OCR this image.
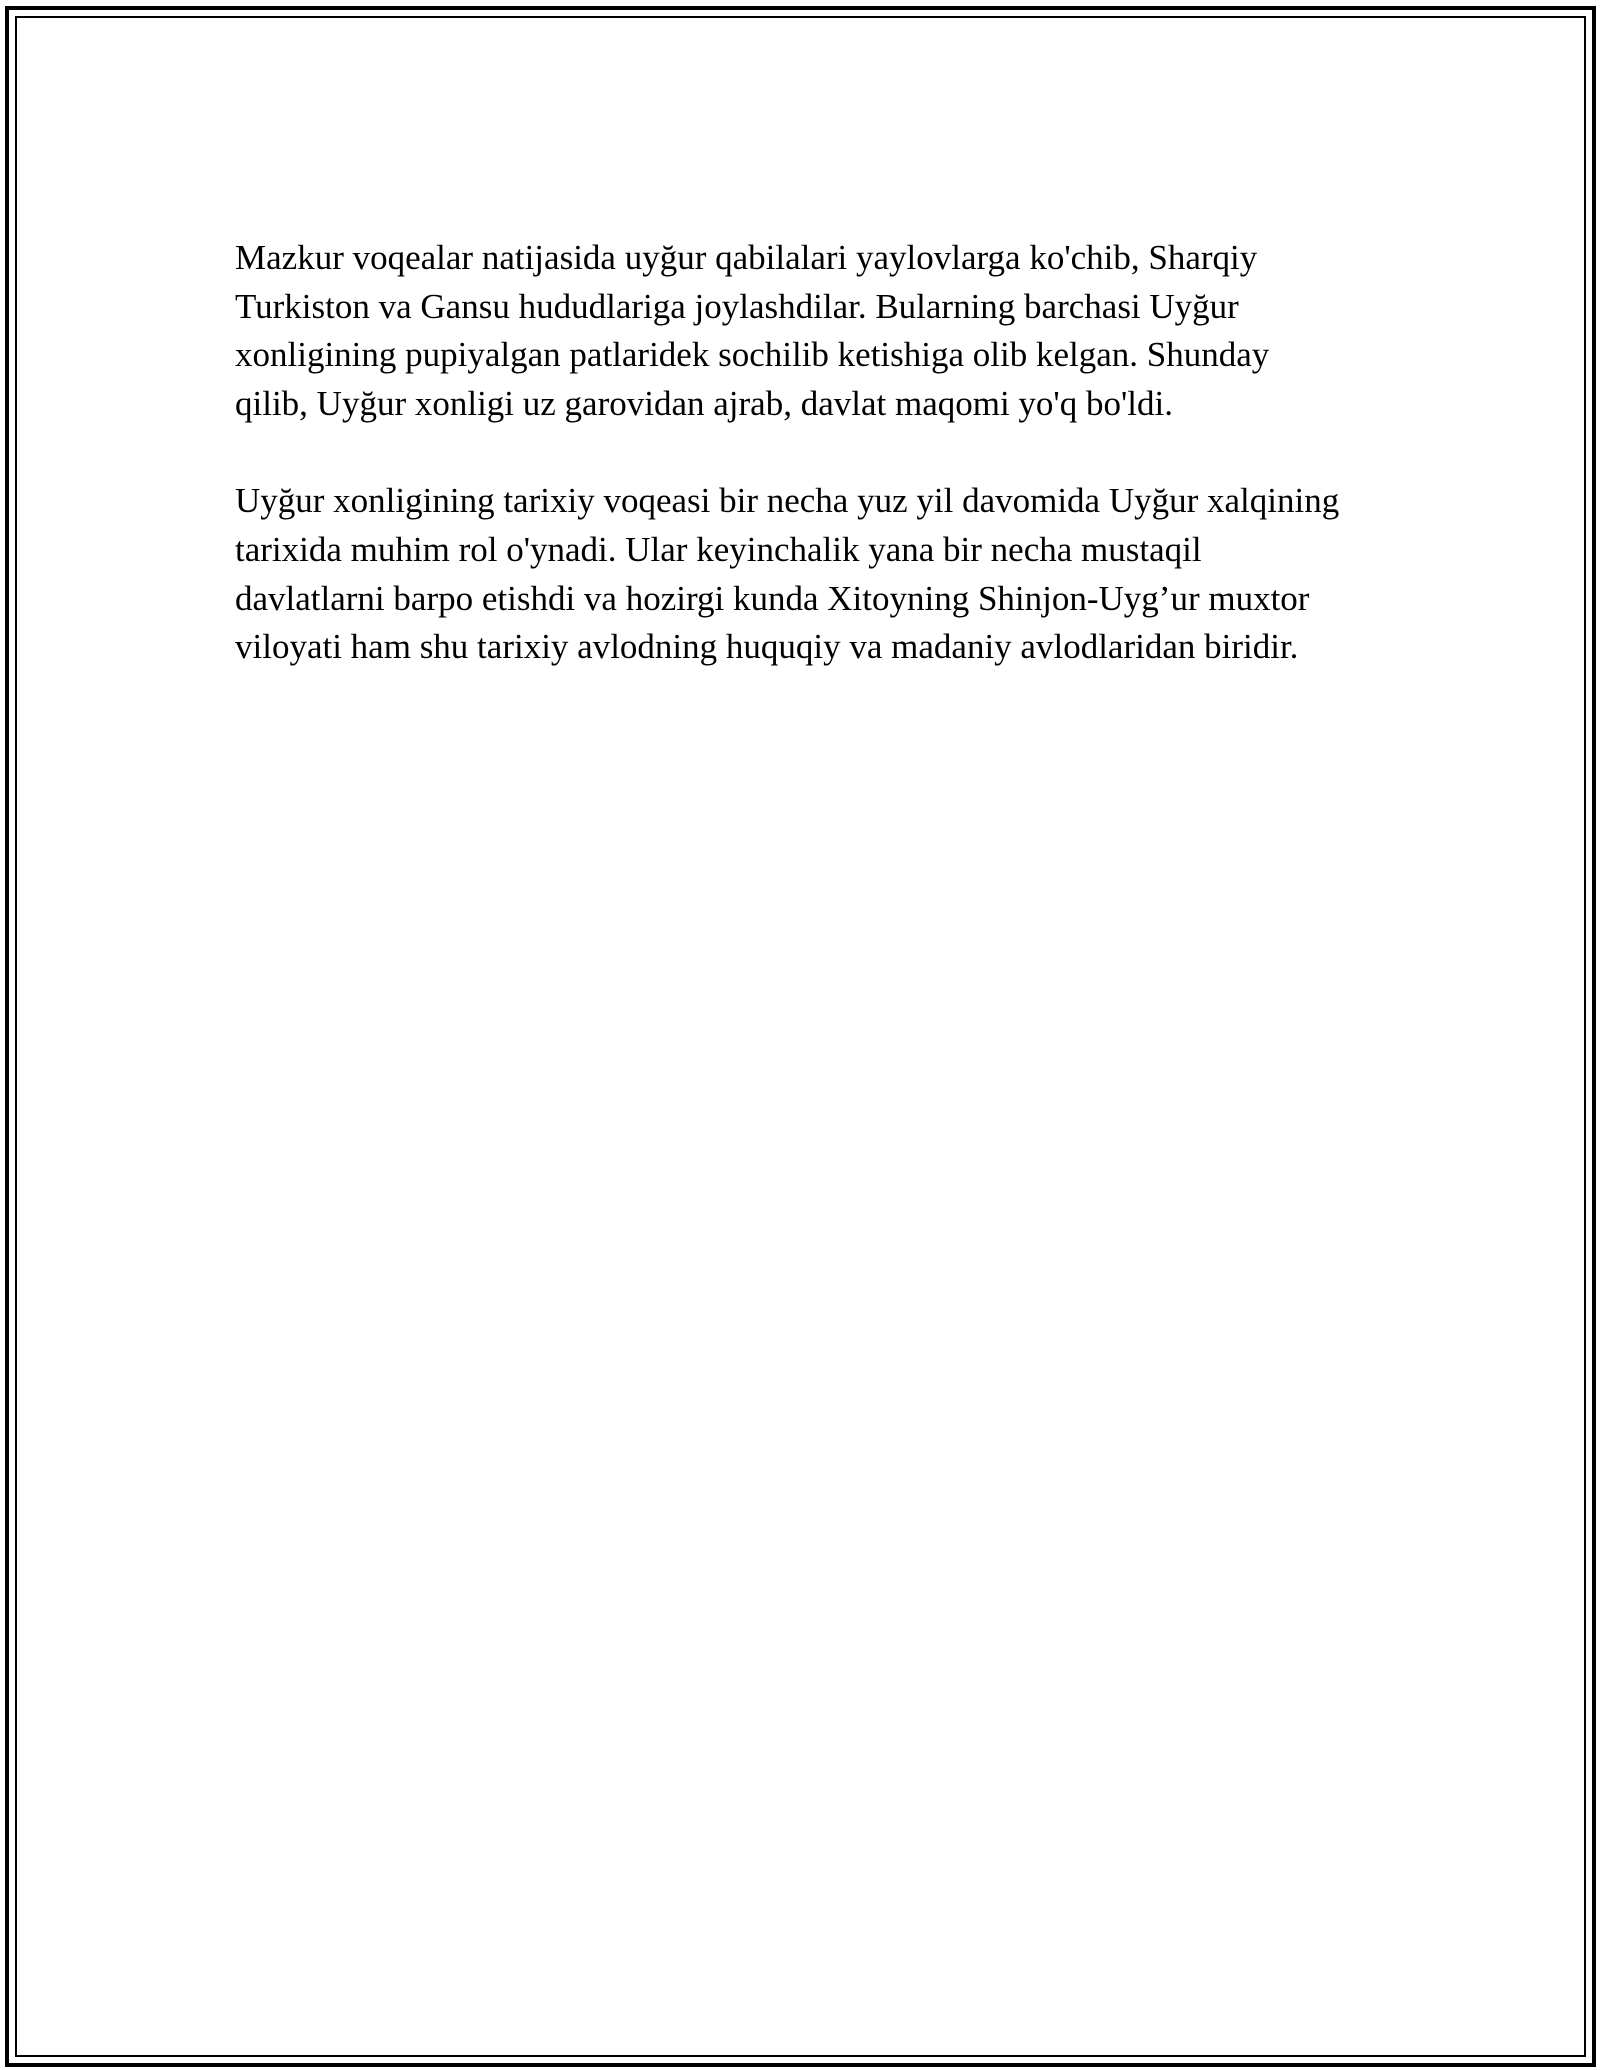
Mazkur voqealar natijasida uyğur qabilalari yaylovlarga ko'chib, Sharqiy Turkiston va Gansu hududlariga joylashdilar. Bularning barchasi Uyğur xonligining pupiyalgan patlaridek sochilib ketishiga olib kelgan. Shunday qilib, Uyğur xonligi uz garovidan ajrab, davlat maqomi yo'q bo'ldi.

Uyğur xonligining tarixiy voqeasi bir necha yuz yil davomida Uyğur xalqining tarixida muhim rol o'ynadi. Ular keyinchalik yana bir necha mustaqil davlatlarni barpo etishdi va hozirgi kunda Xitoyning Shinjon-Uyg’ur muxtor viloyati ham shu tarixiy avlodning huquqiy va madaniy avlodlaridan biridir.
